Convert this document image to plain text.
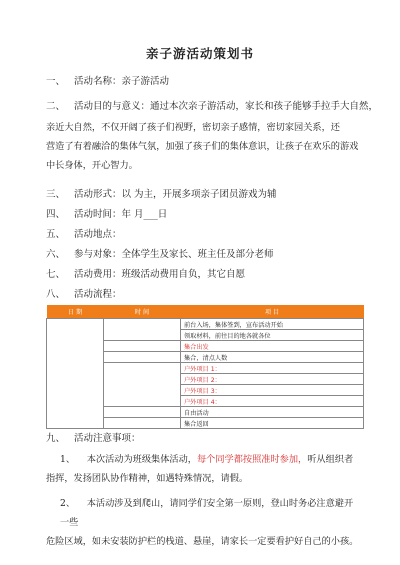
亲子游活动策划书
一、 活动名称：亲子游活动
二、 活动目的与意义：通过本次亲子游活动，家长和孩子能够手拉手大自然，
亲近大自然，不仅开阔了孩子们视野，密切亲子感情，密切家园关系，还
营造了有着融洽的集体气氛，加强了孩子们的集体意识，让孩子在欢乐的游戏
中长身体，开心智力。
三、 活动形式：以 为主，开展多项亲子团员游戏为辅
四、 活动时间：年 月___日
五、 活动地点：
六、 参与对象：全体学生及家长、班主任及部分老师
七、 活动费用：班级活动费用自负，其它自愿
八、 活动流程：
日 期	时 间	项 目
		前台入场，集体签到，宣布活动开始
		领取材料，前往目的地各就各位
		集合出发
		集合，清点人数
		户外项目 1：
		户外项目 2：
		户外项目 3：
		户外项目 4：
		自由活动
		集合返回
九、 活动注意事项：
1、 本次活动为班级集体活动，每个同学都按照准时参加，听从组织者
指挥，发扬团队协作精神，如遇特殊情况，请假。
2、 本活动涉及到爬山，请同学们安全第一原则，登山时务必注意避开一些
危险区域，如未安装防护栏的栈道、悬崖，请家长一定要看护好自己的小孩。
